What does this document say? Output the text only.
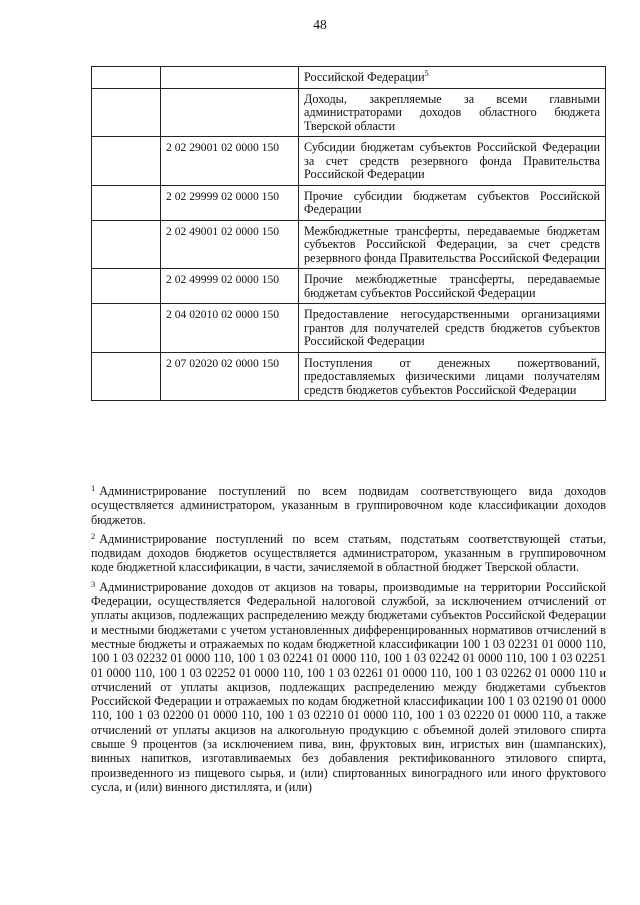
48
		Российской Федерации$^5$
		Доходы, закрепляемые за всеми главными администраторами доходов областного бюджета Тверской области
	2 02 29001 02 0000 150	Субсидии бюджетам субъектов Российской Федерации за счет средств резервного фонда Правительства Российской Федерации
	2 02 29999 02 0000 150	Прочие субсидии бюджетам субъектов Российской Федерации
	2 02 49001 02 0000 150	Межбюджетные трансферты, передаваемые бюджетам субъектов Российской Федерации, за счет средств резервного фонда Правительства Российской Федерации
	2 02 49999 02 0000 150	Прочие межбюджетные трансферты, передаваемые бюджетам субъектов Российской Федерации
	2 04 02010 02 0000 150	Предоставление негосударственными организациями грантов для получателей средств бюджетов субъектов Российской Федерации
	2 07 02020 02 0000 150	Поступления от денежных пожертвований, предоставляемых физическими лицами получателям средств бюджетов субъектов Российской Федерации

$^1$ Администрирование поступлений по всем подвидам соответствующего вида доходов осуществляется администратором, указанным в группировочном коде классификации доходов бюджетов.

$^2$ Администрирование поступлений по всем статьям, подстатьям соответствующей статьи, подвидам доходов бюджетов осуществляется администратором, указанным в группировочном коде бюджетной классификации, в части, зачисляемой в областной бюджет Тверской области.

$^3$ Администрирование доходов от акцизов на товары, производимые на территории Российской Федерации, осуществляется Федеральной налоговой службой, за исключением отчислений от уплаты акцизов, подлежащих распределению между бюджетами субъектов Российской Федерации и местными бюджетами с учетом установленных дифференцированных нормативов отчислений в местные бюджеты и отражаемых по кодам бюджетной классификации 100 1 03 02231 01 0000 110, 100 1 03 02232 01 0000 110, 100 1 03 02241 01 0000 110, 100 1 03 02242 01 0000 110, 100 1 03 02251 01 0000 110, 100 1 03 02252 01 0000 110, 100 1 03 02261 01 0000 110, 100 1 03 02262 01 0000 110 и отчислений от уплаты акцизов, подлежащих распределению между бюджетами субъектов Российской Федерации и отражаемых по кодам бюджетной классификации 100 1 03 02190 01 0000 110, 100 1 03 02200 01 0000 110, 100 1 03 02210 01 0000 110, 100 1 03 02220 01 0000 110, а также отчислений от уплаты акцизов на алкогольную продукцию с объемной долей этилового спирта свыше 9 процентов (за исключением пива, вин, фруктовых вин, игристых вин (шампанских), винных напитков, изготавливаемых без добавления ректификованного этилового спирта, произведенного из пищевого сырья, и (или) спиртованных виноградного или иного фруктового сусла, и (или) винного дистиллята, и (или)
